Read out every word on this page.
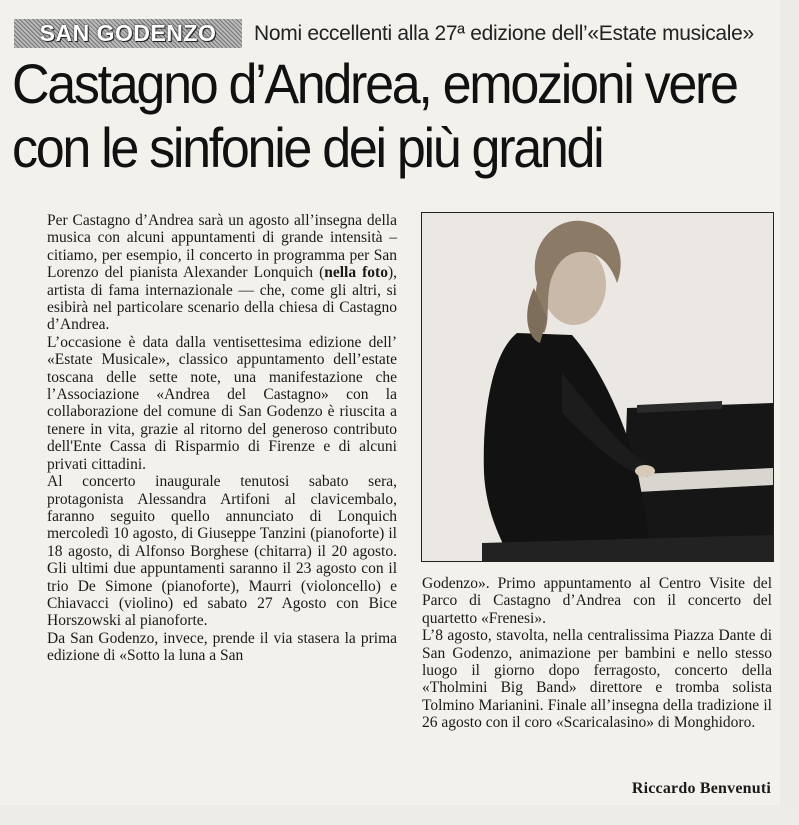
SAN GODENZO	Nomi eccellenti alla 27ª edizione dell’«Estate musicale»
Castagno d’Andrea, emozioni vere
con le sinfonie dei più grandi

Per Castagno d’Andrea sarà un agosto all’insegna della musica con alcuni appuntamenti di grande intensità – citiamo, per esempio, il concerto in programma per San Lorenzo del pianista Alexander Lonquich (nella foto), artista di fama internazionale — che, come gli altri, si esibirà nel particolare scenario della chiesa di Castagno d’Andrea.

L’occasione è data dalla ventisettesima edizione dell’ «Estate Musicale», classico appuntamento dell’estate toscana delle sette note, una manifestazione che l’Associazione «Andrea del Castagno» con la collaborazione del comune di San Godenzo è riuscita a tenere in vita, grazie al ritorno del generoso contributo dell'Ente Cassa di Risparmio di Firenze e di alcuni privati cittadini.

Al concerto inaugurale tenutosi sabato sera, protagonista Alessandra Artifoni al clavicembalo, faranno seguito quello annunciato di Lonquich mercoledì 10 agosto, di Giuseppe Tanzini (pianoforte) il 18 agosto, di Alfonso Borghese (chitarra) il 20 agosto. Gli ultimi due appuntamenti saranno il 23 agosto con il trio De Simone (pianoforte), Maurri (violoncello) e Chiavacci (violino) ed sabato 27 Agosto con Bice Horszowski al pianoforte.

Da San Godenzo, invece, prende il via stasera la prima edizione di «Sotto la luna a San

Godenzo». Primo appuntamento al Centro Visite del Parco di Castagno d’Andrea con il concerto del quartetto «Frenesi».

L’8 agosto, stavolta, nella centralissima Piazza Dante di San Godenzo, animazione per bambini e nello stesso luogo il giorno dopo ferragosto, concerto della «Tholmini Big Band» direttore e tromba solista Tolmino Marianini. Finale all’insegna della tradizione il 26 agosto con il coro «Scaricalasino» di Monghidoro.

Riccardo Benvenuti
